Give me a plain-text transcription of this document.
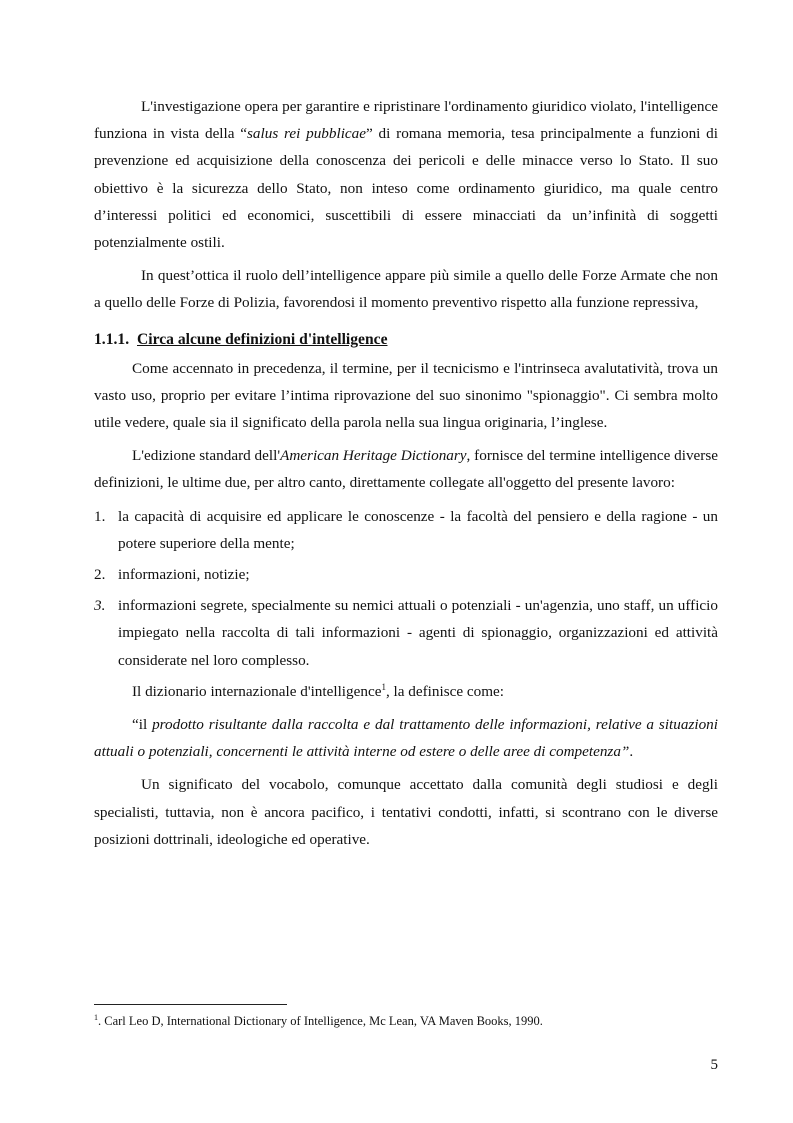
L'investigazione opera per garantire e ripristinare l'ordinamento giuridico violato, l'intelligence funziona in vista della “salus rei pubblicae” di romana memoria, tesa principalmente a funzioni di prevenzione ed acquisizione della conoscenza dei pericoli e delle minacce verso lo Stato. Il suo obiettivo è la sicurezza dello Stato, non inteso come ordinamento giuridico, ma quale centro d’interessi politici ed economici, suscettibili di essere minacciati da un’infinità di soggetti potenzialmente ostili.

In quest’ottica il ruolo dell’intelligence appare più simile a quello delle Forze Armate che non a quello delle Forze di Polizia, favorendosi il momento preventivo rispetto alla funzione repressiva,

1.1.1. Circa alcune definizioni d'intelligence

Come accennato in precedenza, il termine, per il tecnicismo e l'intrinseca avalutatività, trova un vasto uso, proprio per evitare l’intima riprovazione del suo sinonimo "spionaggio". Ci sembra molto utile vedere, quale sia il significato della parola nella sua lingua originaria, l’inglese.

L'edizione standard dell'American Heritage Dictionary, fornisce del termine intelligence diverse definizioni, le ultime due, per altro canto, direttamente collegate all'oggetto del presente lavoro:

1. la capacità di acquisire ed applicare le conoscenze - la facoltà del pensiero e della ragione - un potere superiore della mente;
2. informazioni, notizie;
3. informazioni segrete, specialmente su nemici attuali o potenziali - un'agenzia, uno staff, un ufficio impiegato nella raccolta di tali informazioni - agenti di spionaggio, organizzazioni ed attività considerate nel loro complesso.

Il dizionario internazionale d'intelligence$^1$, la definisce come:

“il prodotto risultante dalla raccolta e dal trattamento delle informazioni, relative a situazioni attuali o potenziali, concernenti le attività interne od estere o delle aree di competenza”.

Un significato del vocabolo, comunque accettato dalla comunità degli studiosi e degli specialisti, tuttavia, non è ancora pacifico, i tentativi condotti, infatti, si scontrano con le diverse posizioni dottrinali, ideologiche ed operative.

$^1$. Carl Leo D, International Dictionary of Intelligence, Mc Lean, VA Maven Books, 1990.
5
